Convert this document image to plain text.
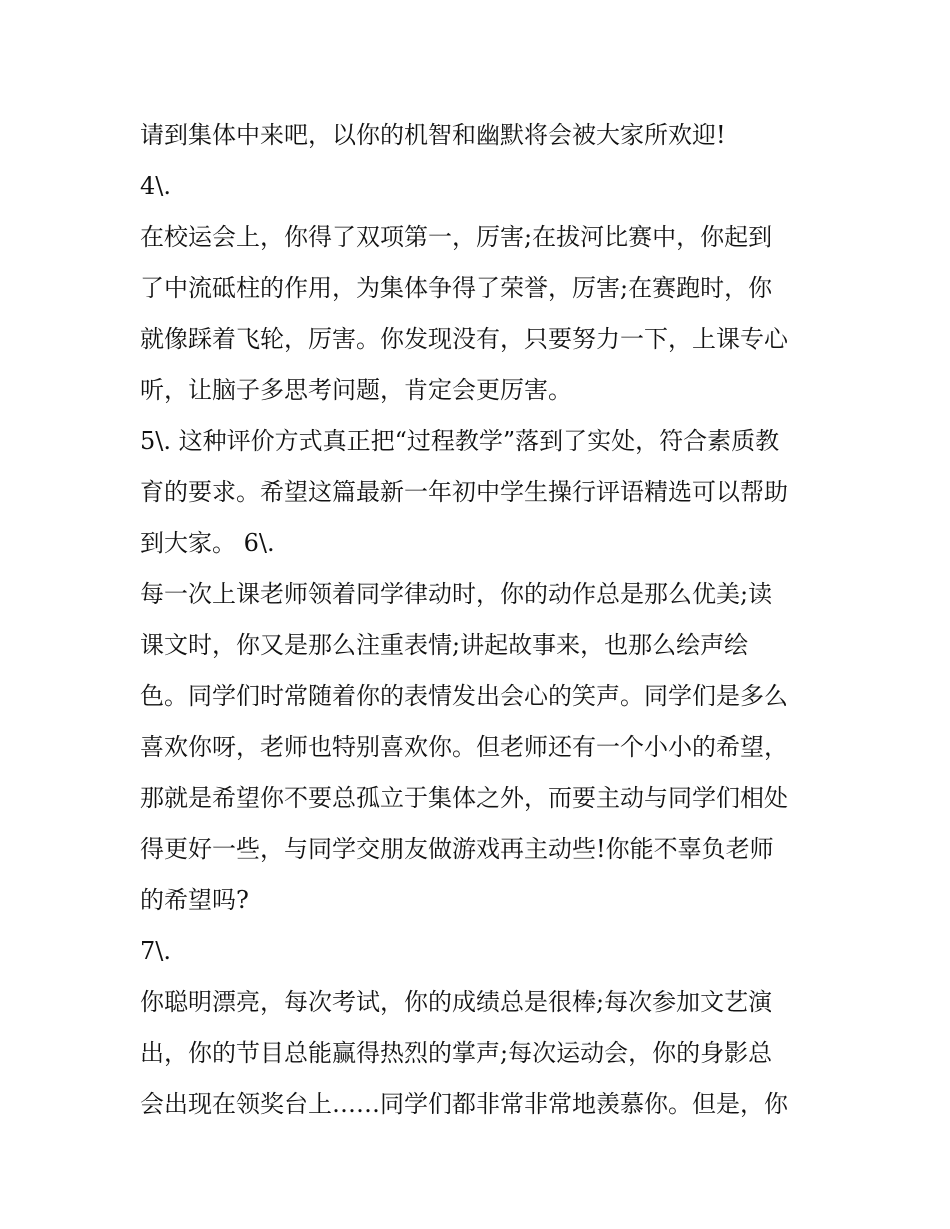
请到集体中来吧，以你的机智和幽默将会被大家所欢迎!
4\.
在校运会上，你得了双项第一，厉害;在拔河比赛中，你起到
了中流砥柱的作用，为集体争得了荣誉，厉害;在赛跑时，你
就像踩着飞轮，厉害。你发现没有，只要努力一下，上课专心
听，让脑子多思考问题，肯定会更厉害。
5\. 这种评价方式真正把“过程教学”落到了实处，符合素质教
育的要求。希望这篇最新一年初中学生操行评语精选可以帮助
到大家。 6\.
每一次上课老师领着同学律动时，你的动作总是那么优美;读
课文时，你又是那么注重表情;讲起故事来，也那么绘声绘
色。同学们时常随着你的表情发出会心的笑声。同学们是多么
喜欢你呀，老师也特别喜欢你。但老师还有一个小小的希望，
那就是希望你不要总孤立于集体之外，而要主动与同学们相处
得更好一些，与同学交朋友做游戏再主动些!你能不辜负老师
的希望吗?
7\.
你聪明漂亮，每次考试，你的成绩总是很棒;每次参加文艺演
出，你的节目总能赢得热烈的掌声;每次运动会，你的身影总
会出现在领奖台上……同学们都非常非常地羡慕你。但是，你
